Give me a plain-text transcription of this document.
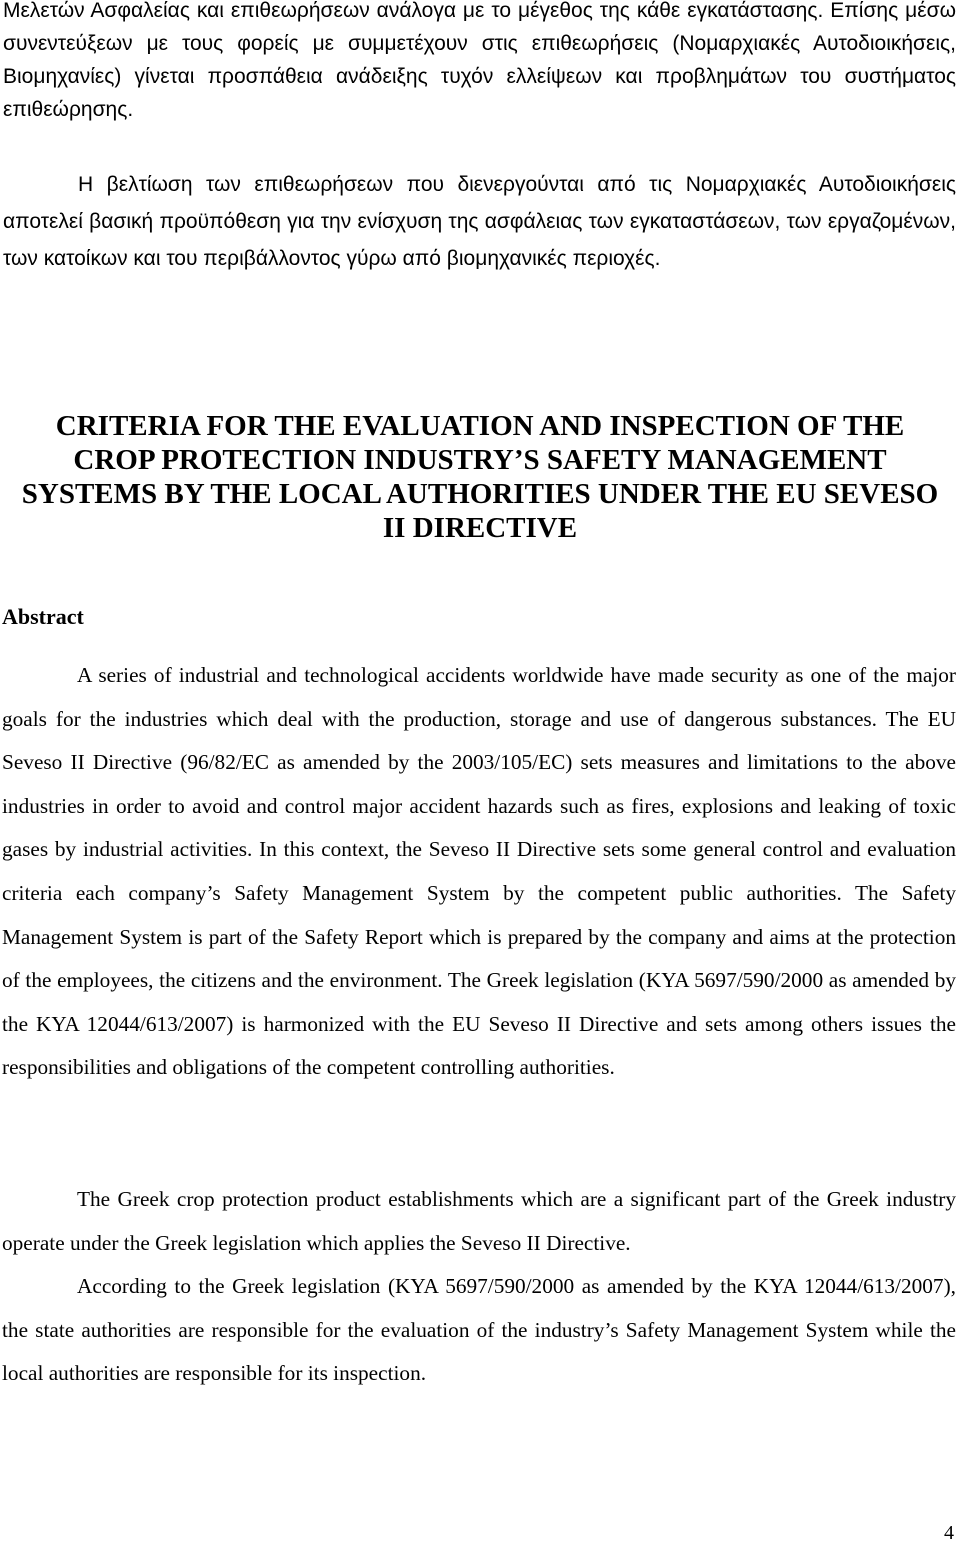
Μελετών Ασφαλείας και επιθεωρήσεων ανάλογα με το μέγεθος της κάθε εγκατάστασης. Επίσης μέσω συνεντεύξεων με τους φορείς με συμμετέχουν στις επιθεωρήσεις (Νομαρχιακές Αυτοδιοικήσεις, Βιομηχανίες) γίνεται προσπάθεια ανάδειξης τυχόν ελλείψεων και προβλημάτων του συστήματος επιθεώρησης.

Η βελτίωση των επιθεωρήσεων που διενεργούνται από τις Νομαρχιακές Αυτοδιοικήσεις αποτελεί βασική προϋπόθεση για την ενίσχυση της ασφάλειας των εγκαταστάσεων, των εργαζομένων, των κατοίκων και του περιβάλλοντος γύρω από βιομηχανικές περιοχές.

CRITERIA FOR THE EVALUATION AND INSPECTION OF THE CROP PROTECTION INDUSTRY’S SAFETY MANAGEMENT SYSTEMS BY THE LOCAL AUTHORITIES UNDER THE EU SEVESO II DIRECTIVE
Abstract

A series of industrial and technological accidents worldwide have made security as one of the major goals for the industries which deal with the production, storage and use of dangerous substances. The EU Seveso II Directive (96/82/EC as amended by the 2003/105/EC) sets measures and limitations to the above industries in order to avoid and control major accident hazards such as fires, explosions and leaking of toxic gases by industrial activities. In this context, the Seveso II Directive sets some general control and evaluation criteria each company’s Safety Management System by the competent public authorities. The Safety Management System is part of the Safety Report which is prepared by the company and aims at the protection of the employees, the citizens and the environment. The Greek legislation (KYA 5697/590/2000 as amended by the KYA 12044/613/2007) is harmonized with the EU Seveso II Directive and sets among others issues the responsibilities and obligations of the competent controlling authorities.

The Greek crop protection product establishments which are a significant part of the Greek industry operate under the Greek legislation which applies the Seveso II Directive.

According to the Greek legislation (KYA 5697/590/2000 as amended by the KYA 12044/613/2007), the state authorities are responsible for the evaluation of the industry’s Safety Management System while the local authorities are responsible for its inspection.

4
